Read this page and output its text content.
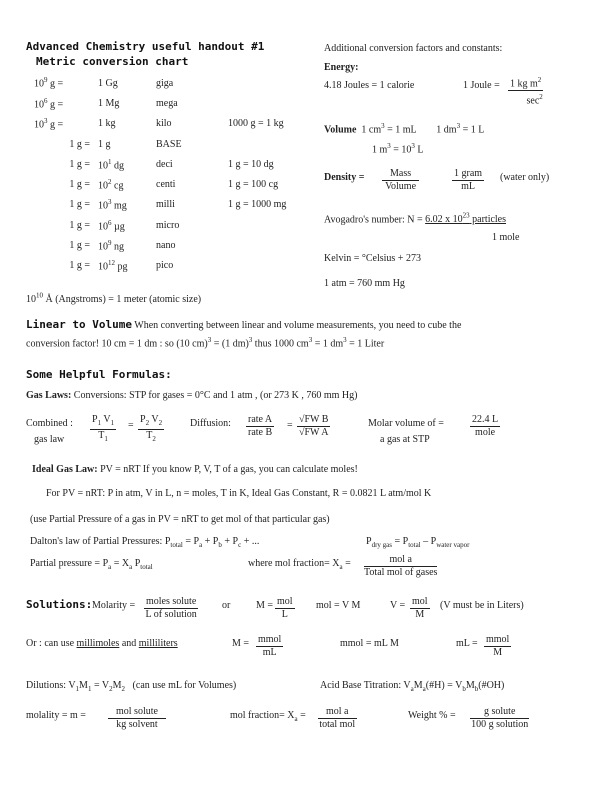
Advanced Chemistry useful handout #1
Metric conversion chart
$10^9$ g =	1 Gg	giga	
$10^6$ g =	1 Mg	mega	
$10^3$ g =	1 kg	kilo	1000 g = 1 kg
1 g =	1 g	BASE	
1 g =	$10^1$ dg	deci	1 g = 10 dg
1 g =	$10^2$ cg	centi	1 g = 100 cg
1 g =	$10^3$ mg	milli	1 g = 1000 mg
1 g =	$10^6$ µg	micro	
1 g =	$10^9$ ng	nano	
1 g =	$10^{12}$ pg	pico	
$10^{10}$ Å (Angstroms) = 1 meter (atomic size)
Additional conversion factors and constants:
Energy:
4.18 Joules = 1 calorie	1 Joule = 1 kg $m^2$
$\sec^2$
Volume  1 $cm^3 = 1$ mL        1 $dm^3 = 1$ L
1 $m^3 = 10^3$ L
Density =	Mass
Volume
1 gram
mL
(water only)
Avogadro's number: N = 6.02 x $10^{23}$ particles
1 mole
Kelvin = °Celsius + 273
1 atm = 760 mm Hg
Linear to Volume When converting between linear and volume measurements, you need to cube the
conversion factor! 10 cm = 1 dm : so (10 cm)$^3$ = (1 dm)$^3$ thus 1000 $cm^3 = 1$ $dm^3 = 1$ Liter
Some Helpful Formulas:
Gas Laws: Conversions: STP for gases = 0°C and 1 atm , (or 273 K , 760 mm Hg)
Combined :
gas law	$\frac{P_1 V_1}{T_1} = \frac{P_2 V_2}{T_2}$	Diffusion: rate A
rate B
= $\frac{\text{√FW B}}{\text{√FW A}}$	Molar volume of =
a gas at STP
22.4 L
mole
Ideal Gas Law: PV = nRT If you know P, V, T of a gas, you can calculate moles!
For PV = nRT: P in atm, V in L, n = moles, T in K, Ideal Gas Constant, R = 0.0821 L atm/mol K
(use Partial Pressure of a gas in PV = nRT to get mol of that particular gas)
Dalton's law of Partial Pressures: $P_{total} = P_a + P_b + P_c$ + ...	$P_{dry gas} = P_{total} - P_{water vapor}$
Partial pressure = $P_a = X_a$ $P_{total}$	where mol fraction= $X_a$ =	mol a
Total mol of gases
Solutions: Molarity = moles solute
L of solution
or	M = mol
L
mol = V M	V = mol
M
(V must be in Liters)
Or : can use millimoles and milliliters	M = mmol
mL
mmol = mL M	mL = mmol
M
Dilutions: $V_1M_1 = V_2M_2$   (can use mL for Volumes)	Acid Base Titration: $V_aM_a(\#H)$ = $V_bM_b(\#OH)$
molality = m =	mol solute
kg solvent
mol fraction= $X_a$ =	mol a
total mol
Weight % =	g solute
100 g solution
